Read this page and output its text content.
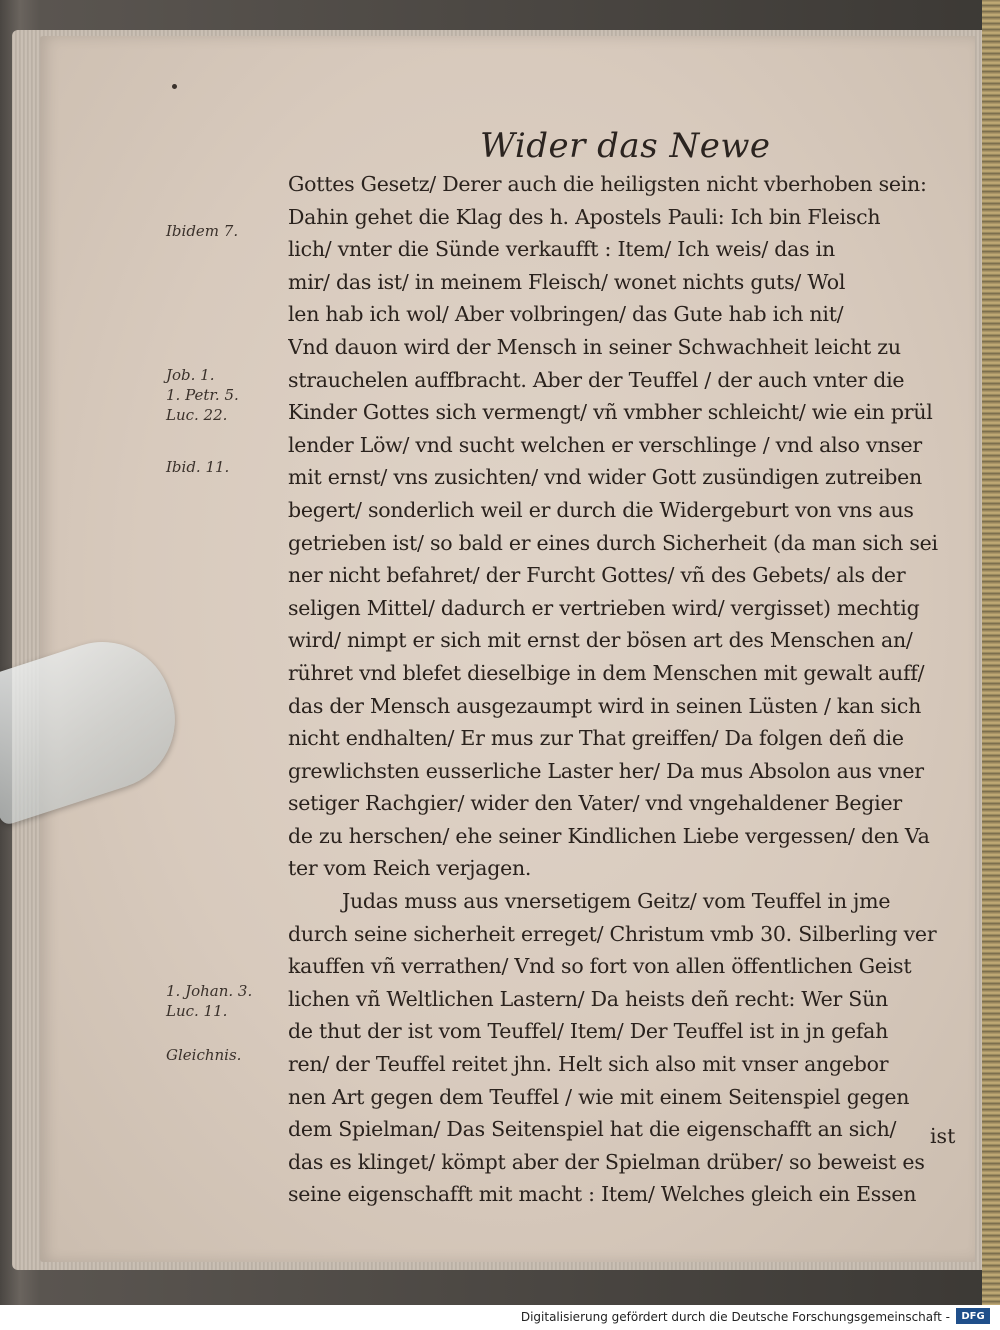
Wider das Newe
Gottes Gesetz/ Derer auch die heiligsten nicht vberhoben sein:
Dahin gehet die Klag des h. Apostels Pauli: Ich bin Fleisch
lich/ vnter die Sünde verkaufft : Item/ Ich weis/ das in
mir/ das ist/ in meinem Fleisch/ wonet nichts guts/ Wol
len hab ich wol/ Aber volbringen/ das Gute hab ich nit/
Vnd dauon wird der Mensch in seiner Schwachheit leicht zu
strauchelen auffbracht. Aber der Teuffel / der auch vnter die
Kinder Gottes sich vermengt/ vñ vmbher schleicht/ wie ein prül
lender Löw/ vnd sucht welchen er verschlinge / vnd also vnser
mit ernst/ vns zusichten/ vnd wider Gott zusündigen zutreiben
begert/ sonderlich weil er durch die Widergeburt von vns aus
getrieben ist/ so bald er eines durch Sicherheit (da man sich sei
ner nicht befahret/ der Furcht Gottes/ vñ des Gebets/ als der
seligen Mittel/ dadurch er vertrieben wird/ vergisset) mechtig
wird/ nimpt er sich mit ernst der bösen art des Menschen an/
rühret vnd blefet dieselbige in dem Menschen mit gewalt auff/
das der Mensch ausgezaumpt wird in seinen Lüsten / kan sich
nicht endhalten/ Er mus zur That greiffen/ Da folgen deñ die
grewlichsten eusserliche Laster her/ Da mus Absolon aus vner
setiger Rachgier/ wider den Vater/ vnd vngehaldener Begier
de zu herschen/ ehe seiner Kindlichen Liebe vergessen/ den Va
ter vom Reich verjagen.
Judas muss aus vnersetigem Geitz/ vom Teuffel in jme
durch seine sicherheit erreget/ Christum vmb 30. Silberling ver
kauffen vñ verrathen/ Vnd so fort von allen öffentlichen Geist
lichen vñ Weltlichen Lastern/ Da heists deñ recht: Wer Sün
de thut der ist vom Teuffel/ Item/ Der Teuffel ist in jn gefah
ren/ der Teuffel reitet jhn. Helt sich also mit vnser angebor
nen Art gegen dem Teuffel / wie mit einem Seitenspiel gegen
dem Spielman/ Das Seitenspiel hat die eigenschafft an sich/
das es klinget/ kömpt aber der Spielman drüber/ so beweist es
seine eigenschafft mit macht : Item/ Welches gleich ein Essen
Ibidem 7.
Job. 1.
1. Petr. 5.
Luc. 22.
Ibid. 11.
1. Johan. 3.
Luc. 11.
Gleichnis.
ist
Digitalisierung gefördert durch die Deutsche Forschungsgemeinschaft -	DFG
